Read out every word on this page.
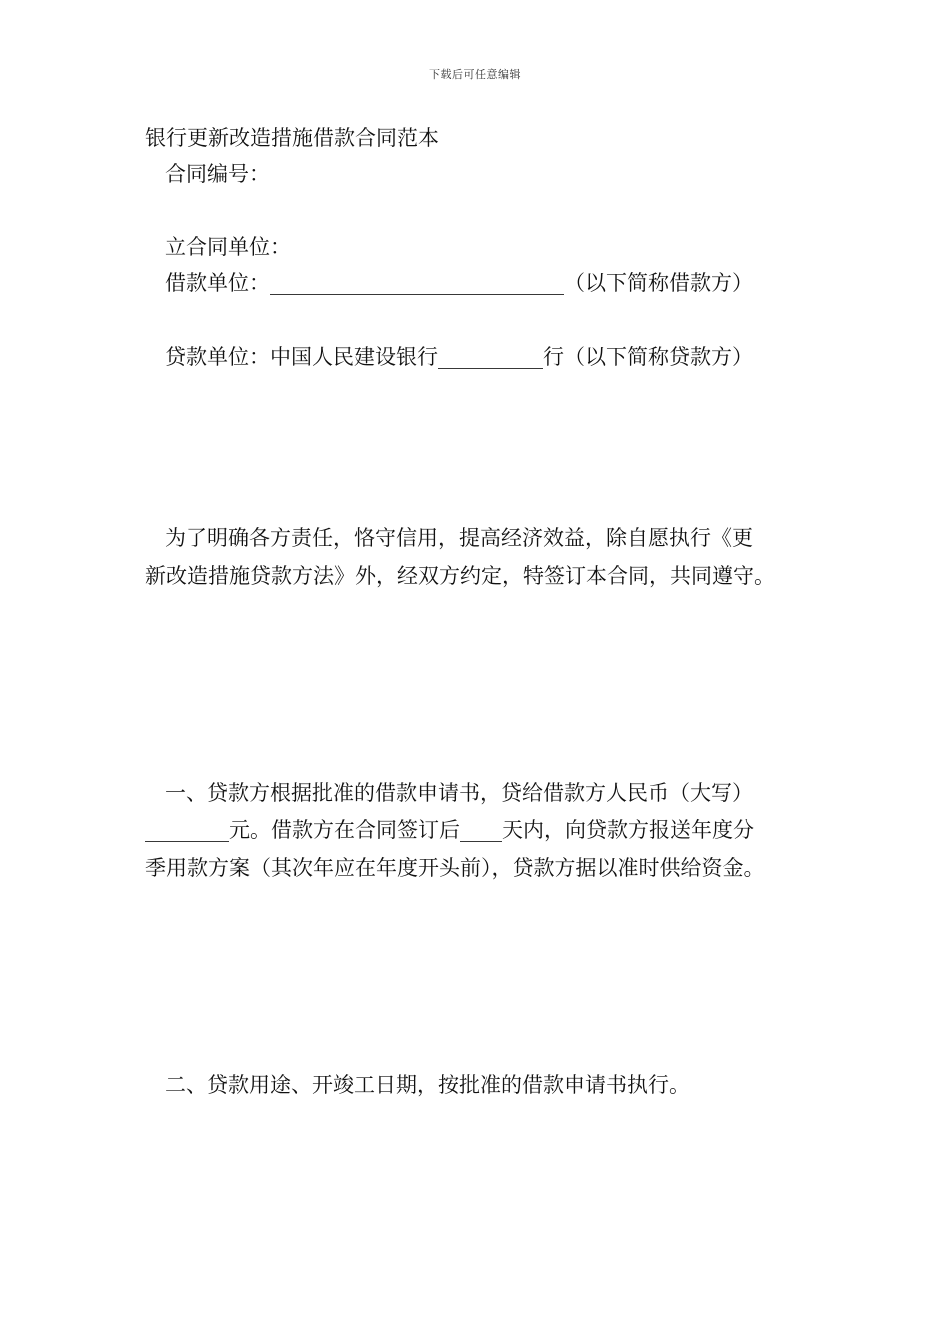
下载后可任意编辑
银行更新改造措施借款合同范本
合同编号：
立合同单位：
借款单位：____________________________（以下简称借款方）
贷款单位：中国人民建设银行__________行（以下简称贷款方）
为了明确各方责任，恪守信用，提高经济效益，除自愿执行《更
新改造措施贷款方法》外，经双方约定，特签订本合同，共同遵守。
一、贷款方根据批准的借款申请书，贷给借款方人民币（大写）
________元。借款方在合同签订后____天内，向贷款方报送年度分
季用款方案（其次年应在年度开头前），贷款方据以准时供给资金。
二、贷款用途、开竣工日期，按批准的借款申请书执行。
